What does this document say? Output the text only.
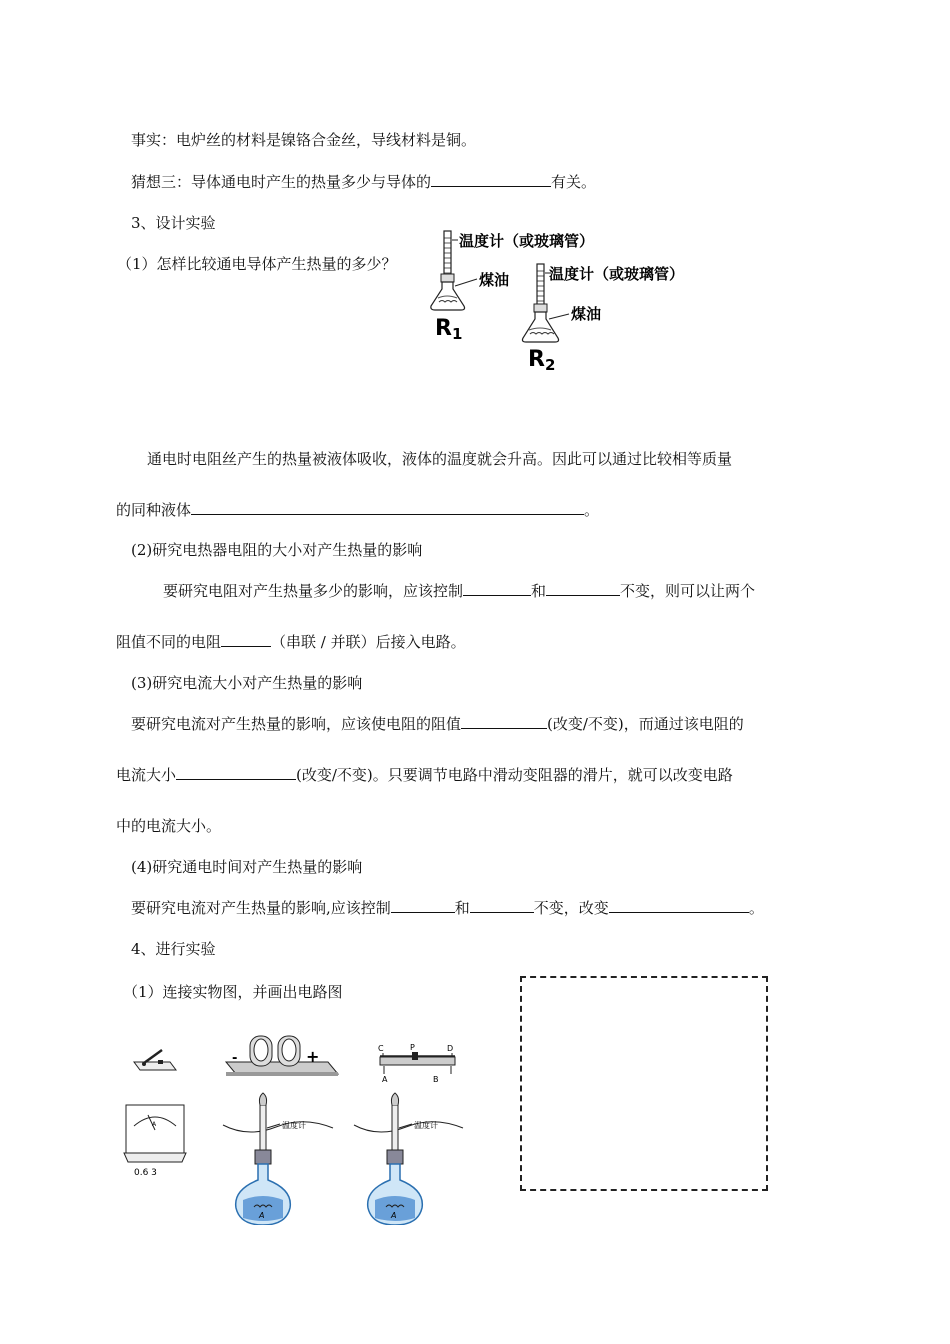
事实：电炉丝的材料是镍铬合金丝，导线材料是铜。
猜想三：导体通电时产生的热量多少与导体的	有关。
3、设计实验
（1）怎样比较通电导体产生热量的多少？
温度计（或玻璃管）
煤油	温度计（或玻璃管）
煤油
R1
R2
通电时电阻丝产生的热量被液体吸收，液体的温度就会升高。因此可以通过比较相等质量
的同种液体	。
(2)研究电热器电阻的大小对产生热量的影响
要研究电阻对产生热量多少的影响，应该控制	和	不变，则可以让两个
阻值不同的电阻	（串联 / 并联）后接入电路。
(3)研究电流大小对产生热量的影响
要研究电流对产生热量的影响，应该使电阻的阻值	(改变/不变)，而通过该电阻的
电流大小	(改变/不变)。只要调节电路中滑动变阻器的滑片，就可以改变电路
中的电流大小。
(4)研究通电时间对产生热量的影响
要研究电流对产生热量的影响,应该控制	和	不变，改变	。
4、进行实验
（1）连接实物图，并画出电路图
-	+	C	P	D
A	B
A
0.6 3
A
温度计
A
温度计
